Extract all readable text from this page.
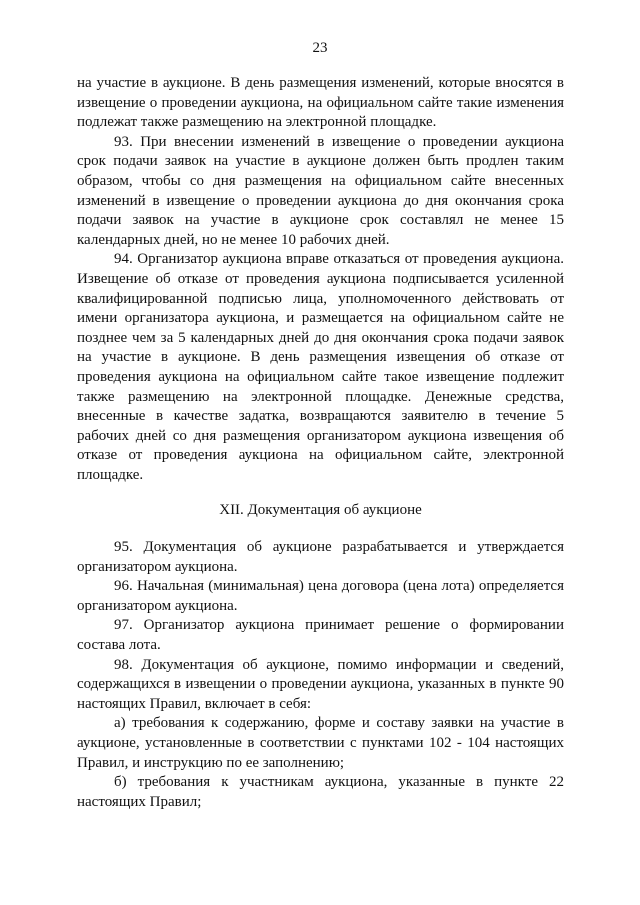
23

на участие в аукционе. В день размещения изменений, которые вносятся в извещение о проведении аукциона, на официальном сайте такие изменения подлежат также размещению на электронной площадке.

93. При внесении изменений в извещение о проведении аукциона срок подачи заявок на участие в аукционе должен быть продлен таким образом, чтобы со дня размещения на официальном сайте внесенных изменений в извещение о проведении аукциона до дня окончания срока подачи заявок на участие в аукционе срок составлял не менее 15 календарных дней, но не менее 10 рабочих дней.

94. Организатор аукциона вправе отказаться от проведения аукциона. Извещение об отказе от проведения аукциона подписывается усиленной квалифицированной подписью лица, уполномоченного действовать от имени организатора аукциона, и размещается на официальном сайте не позднее чем за 5 календарных дней до дня окончания срока подачи заявок на участие в аукционе. В день размещения извещения об отказе от проведения аукциона на официальном сайте такое извещение подлежит также размещению на электронной площадке. Денежные средства, внесенные в качестве задатка, возвращаются заявителю в течение 5 рабочих дней со дня размещения организатором аукциона извещения об отказе от проведения аукциона на официальном сайте, электронной площадке.

XII. Документация об аукционе

95. Документация об аукционе разрабатывается и утверждается организатором аукциона.

96. Начальная (минимальная) цена договора (цена лота) определяется организатором аукциона.

97. Организатор аукциона принимает решение о формировании состава лота.

98. Документация об аукционе, помимо информации и сведений, содержащихся в извещении о проведении аукциона, указанных в пункте 90 настоящих Правил, включает в себя:

а) требования к содержанию, форме и составу заявки на участие в аукционе, установленные в соответствии с пунктами 102 - 104 настоящих Правил, и инструкцию по ее заполнению;

б) требования к участникам аукциона, указанные в пункте 22 настоящих Правил;
